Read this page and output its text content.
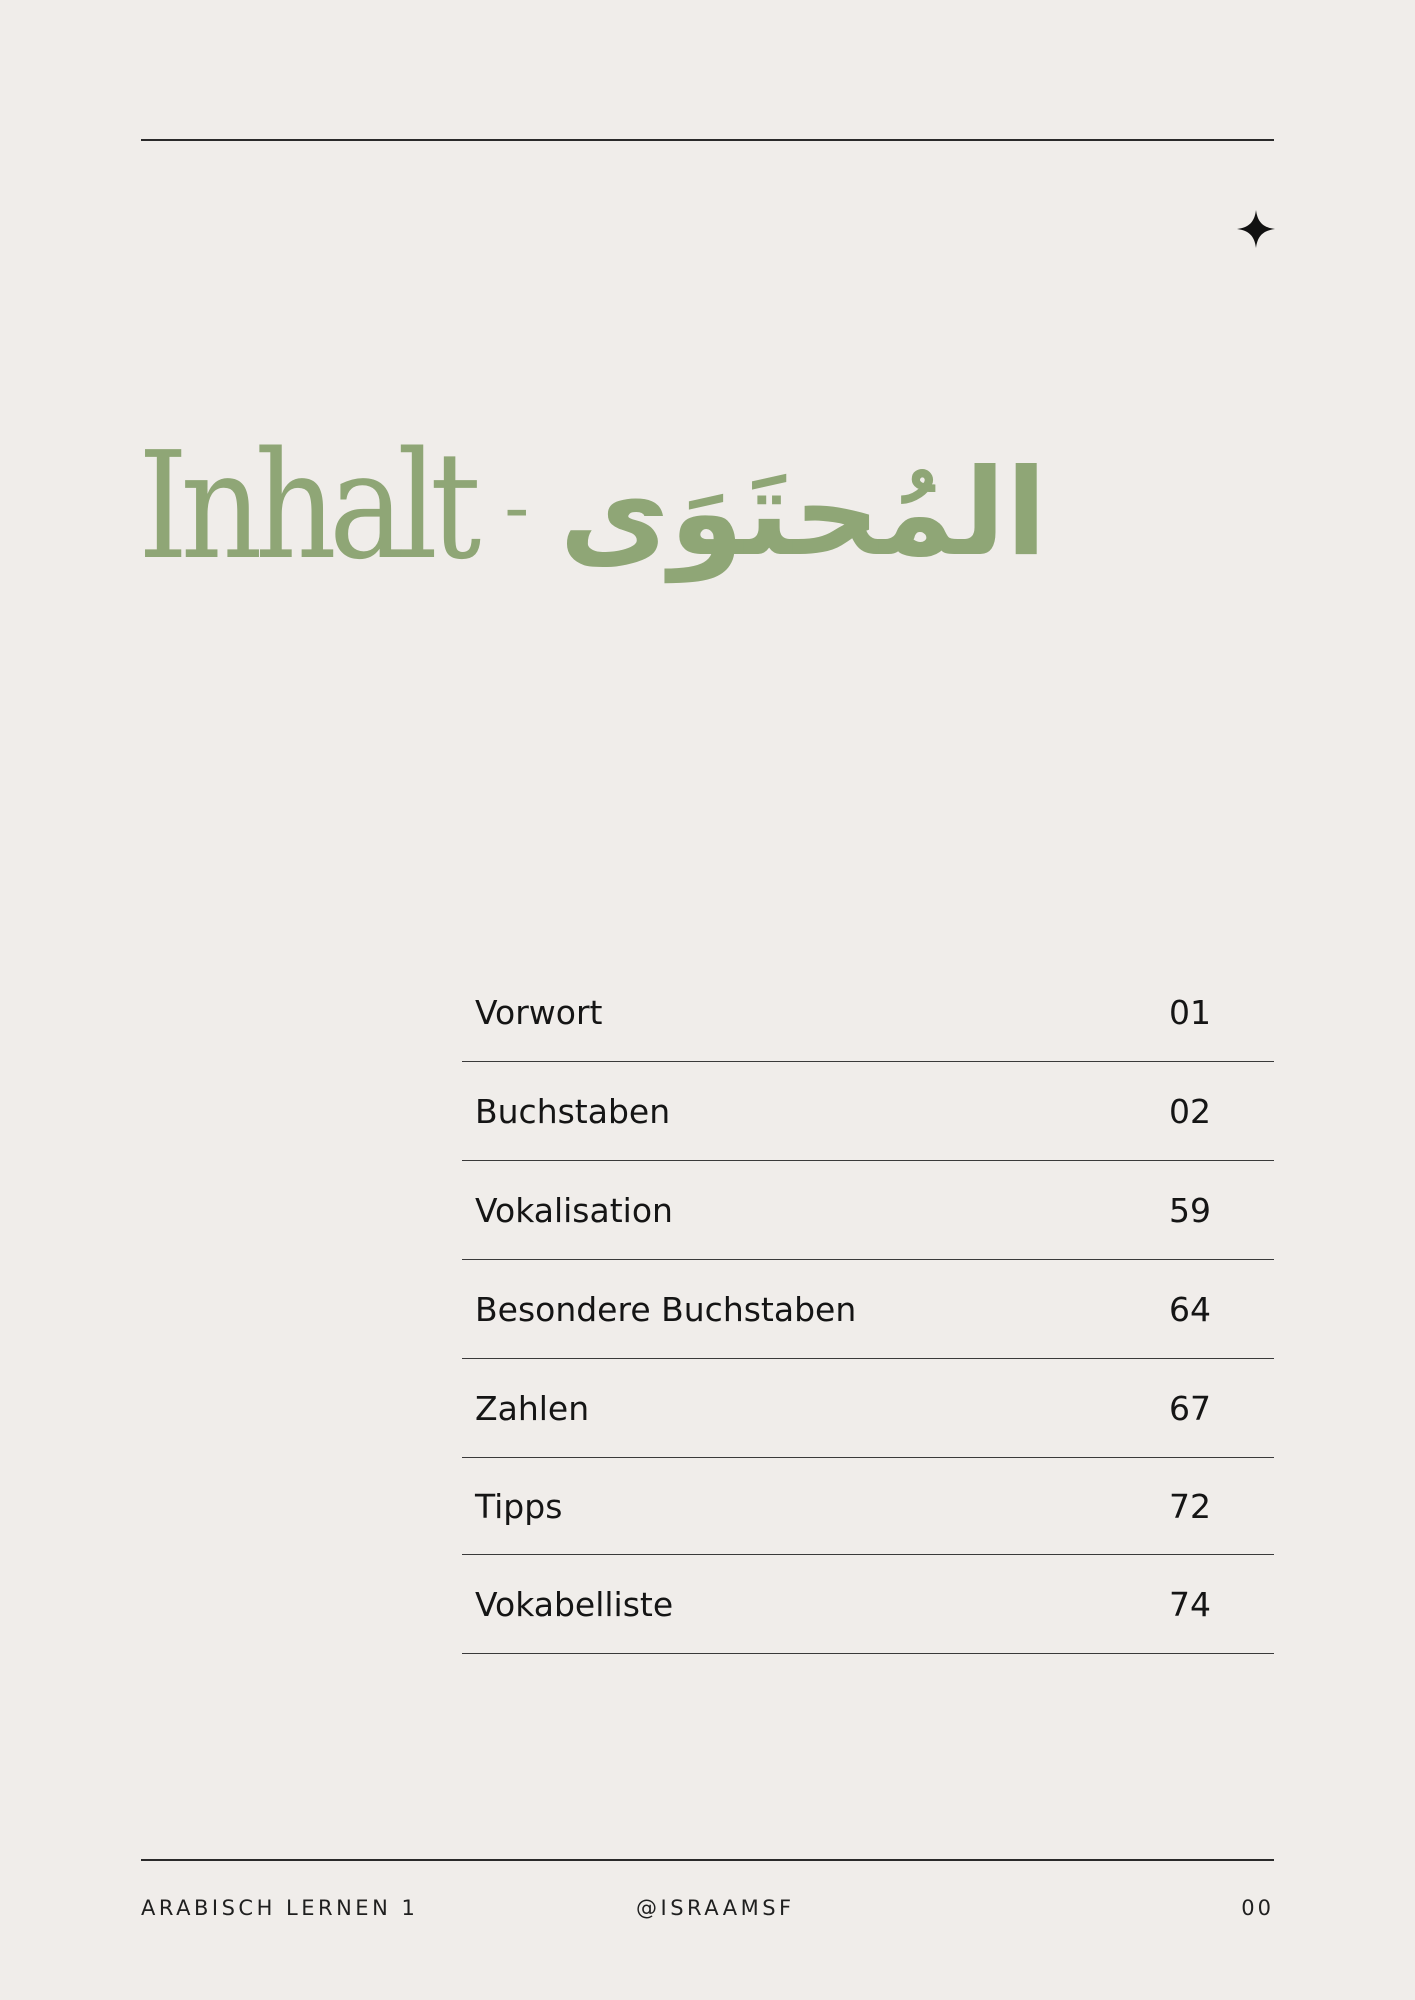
Inhalt - المُحتَوَى
Vorwort	01
Buchstaben	02
Vokalisation	59
Besondere Buchstaben	64
Zahlen	67
Tipps	72
Vokabelliste	74
ARABISCH LERNEN 1	@ISRAAMSF	00
